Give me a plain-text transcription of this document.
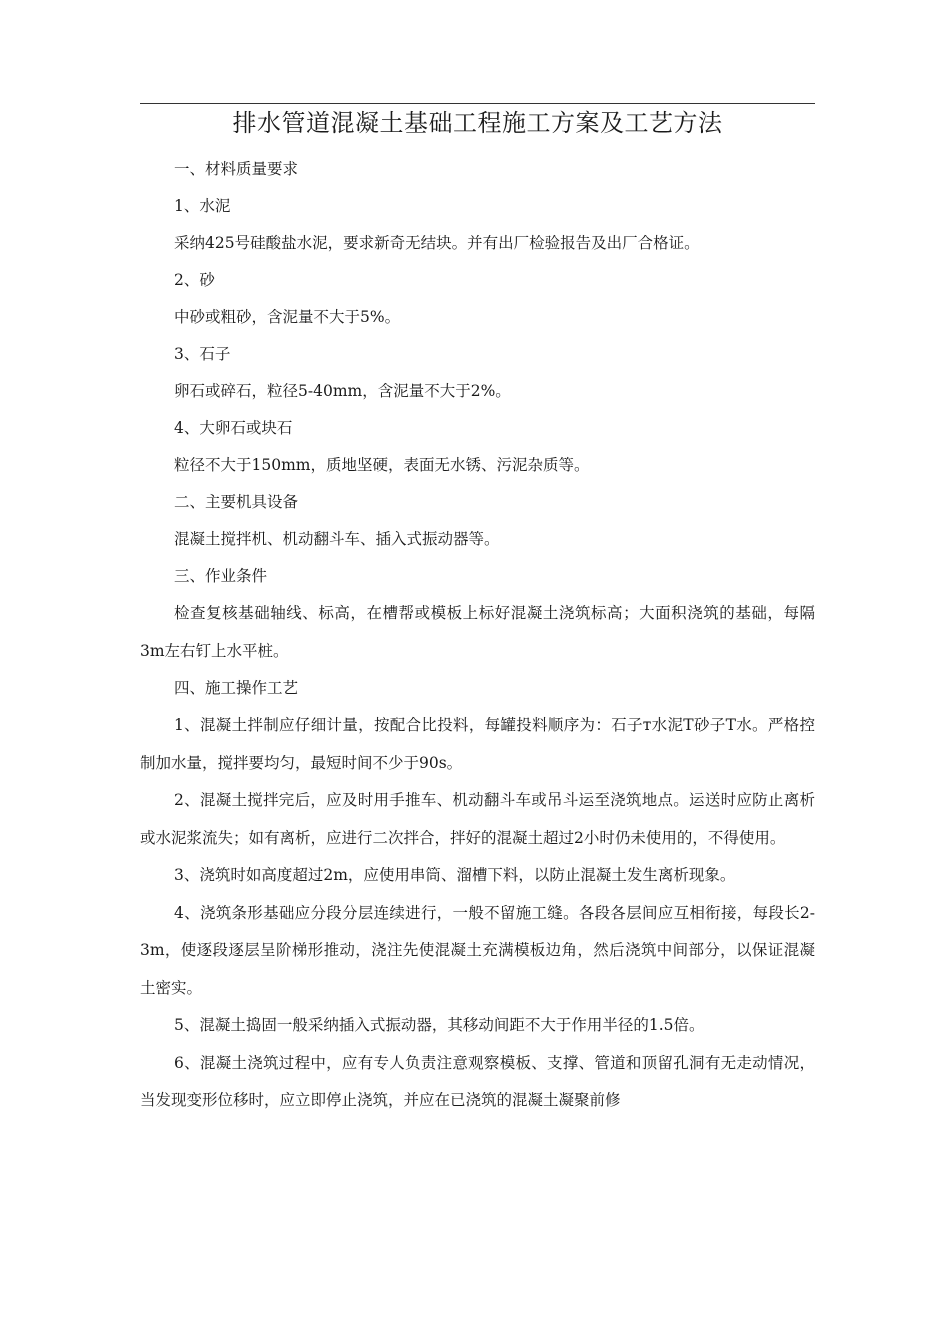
排水管道混凝土基础工程施工方案及工艺方法

一、材料质量要求

1、水泥

采纳425号硅酸盐水泥，要求新奇无结块。并有出厂检验报告及出厂合格证。

2、砂

中砂或粗砂，含泥量不大于5%。

3、石子

卵石或碎石，粒径5-40mm，含泥量不大于2%。

4、大卵石或块石

粒径不大于150mm，质地坚硬，表面无水锈、污泥杂质等。

二、主要机具设备

混凝土搅拌机、机动翻斗车、插入式振动器等。

三、作业条件

检查复核基础轴线、标高，在槽帮或模板上标好混凝土浇筑标高；大面积浇筑的基础，每隔3m左右钉上水平桩。

四、施工操作工艺

1、混凝土拌制应仔细计量，按配合比投料，每罐投料顺序为：石子ᴛ水泥T砂子T水。严格控制加水量，搅拌要均匀，最短时间不少于90s。

2、混凝土搅拌完后，应及时用手推车、机动翻斗车或吊斗运至浇筑地点。运送时应防止离析或水泥浆流失；如有离析，应进行二次拌合，拌好的混凝土超过2小时仍未使用的，不得使用。

3、浇筑时如高度超过2m，应使用串筒、溜槽下料，以防止混凝土发生离析现象。

4、浇筑条形基础应分段分层连续进行，一般不留施工缝。各段各层间应互相衔接，每段长2-3m，使逐段逐层呈阶梯形推动，浇注先使混凝土充满模板边角，然后浇筑中间部分，以保证混凝土密实。

5、混凝土捣固一般采纳插入式振动器，其移动间距不大于作用半径的1.5倍。

6、混凝土浇筑过程中，应有专人负责注意观察模板、支撑、管道和顶留孔洞有无走动情况，当发现变形位移时，应立即停止浇筑，并应在已浇筑的混凝土凝聚前修
